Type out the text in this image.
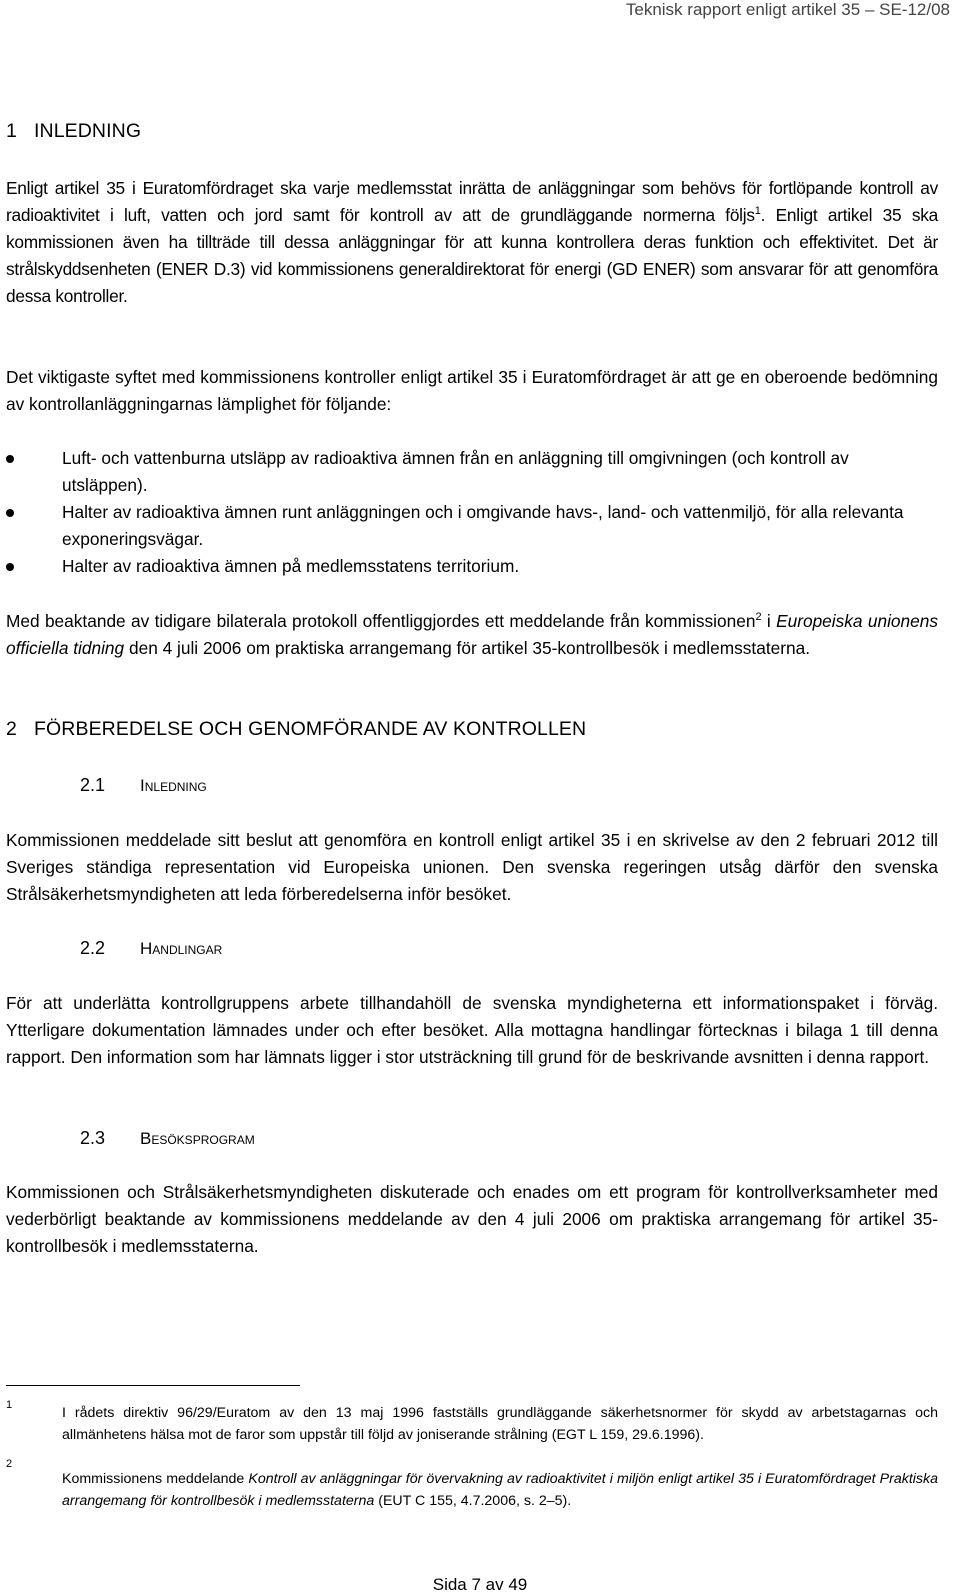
Teknisk rapport enligt artikel 35 – SE-12/08
1 INLEDNING
Enligt artikel 35 i Euratomfördraget ska varje medlemsstat inrätta de anläggningar som behövs för fortlöpande kontroll av radioaktivitet i luft, vatten och jord samt för kontroll av att de grundläggande normerna följs$^1$. Enligt artikel 35 ska kommissionen även ha tillträde till dessa anläggningar för att kunna kontrollera deras funktion och effektivitet. Det är strålskyddsenheten (ENER D.3) vid kommissionens generaldirektorat för energi (GD ENER) som ansvarar för att genomföra dessa kontroller.
Det viktigaste syftet med kommissionens kontroller enligt artikel 35 i Euratomfördraget är att ge en oberoende bedömning av kontrollanläggningarnas lämplighet för följande:
Luft- och vattenburna utsläpp av radioaktiva ämnen från en anläggning till omgivningen (och kontroll av utsläppen).
Halter av radioaktiva ämnen runt anläggningen och i omgivande havs-, land- och vattenmiljö, för alla relevanta exponeringsvägar.
Halter av radioaktiva ämnen på medlemsstatens territorium.
Med beaktande av tidigare bilaterala protokoll offentliggjordes ett meddelande från kommissionen$^2$ i Europeiska unionens officiella tidning den 4 juli 2006 om praktiska arrangemang för artikel 35-kontrollbesök i medlemsstaterna.
2 FÖRBEREDELSE OCH GENOMFÖRANDE AV KONTROLLEN
2.1 Inledning
Kommissionen meddelade sitt beslut att genomföra en kontroll enligt artikel 35 i en skrivelse av den 2 februari 2012 till Sveriges ständiga representation vid Europeiska unionen. Den svenska regeringen utsåg därför den svenska Strålsäkerhetsmyndigheten att leda förberedelserna inför besöket.
2.2 Handlingar
För att underlätta kontrollgruppens arbete tillhandahöll de svenska myndigheterna ett informationspaket i förväg. Ytterligare dokumentation lämnades under och efter besöket. Alla mottagna handlingar förtecknas i bilaga 1 till denna rapport. Den information som har lämnats ligger i stor utsträckning till grund för de beskrivande avsnitten i denna rapport.
2.3 Besöksprogram
Kommissionen och Strålsäkerhetsmyndigheten diskuterade och enades om ett program för kontrollverksamheter med vederbörligt beaktande av kommissionens meddelande av den 4 juli 2006 om praktiska arrangemang för artikel 35-kontrollbesök i medlemsstaterna.
1	I rådets direktiv 96/29/Euratom av den 13 maj 1996 fastställs grundläggande säkerhetsnormer för skydd av arbetstagarnas och allmänhetens hälsa mot de faror som uppstår till följd av joniserande strålning (EGT L 159, 29.6.1996).
2
Kommissionens meddelande Kontroll av anläggningar för övervakning av radioaktivitet i miljön enligt artikel 35 i Euratomfördraget Praktiska arrangemang för kontrollbesök i medlemsstaterna (EUT C 155, 4.7.2006, s. 2–5).
Sida 7 av 49
